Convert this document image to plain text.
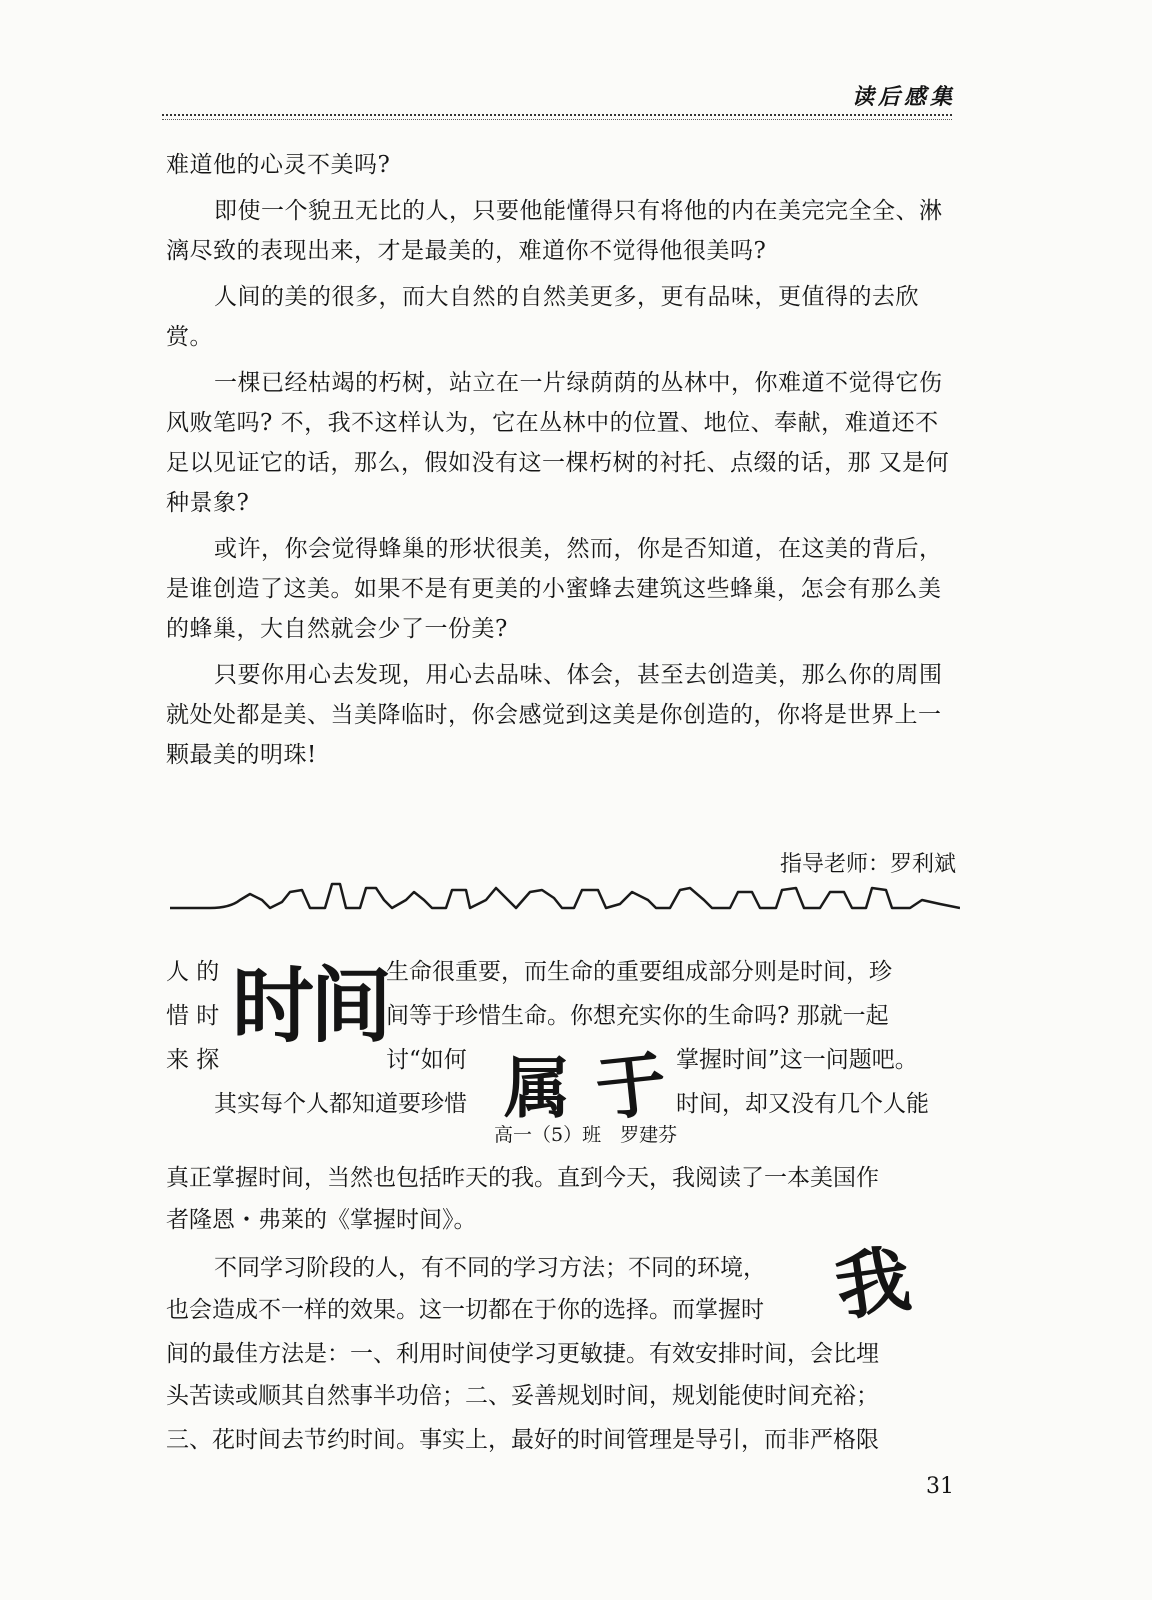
读后感集

难道他的心灵不美吗?

即使一个貌丑无比的人，只要他能懂得只有将他的内在美完完全全、淋漓尽致的表现出来，才是最美的，难道你不觉得他很美吗?

人间的美的很多，而大自然的自然美更多，更有品味，更值得的去欣赏。

一棵已经枯竭的朽树，站立在一片绿荫荫的丛林中，你难道不觉得它伤风败笔吗? 不，我不这样认为，它在丛林中的位置、地位、奉献，难道还不足以见证它的话，那么，假如没有这一棵朽树的衬托、点缀的话，那 又是何种景象?

或许，你会觉得蜂巢的形状很美，然而，你是否知道，在这美的背后，是谁创造了这美。如果不是有更美的小蜜蜂去建筑这些蜂巢，怎会有那么美的蜂巢，大自然就会少了一份美?

只要你用心去发现，用心去品味、体会，甚至去创造美，那么你的周围就处处都是美、当美降临时，你会感觉到这美是你创造的，你将是世界上一颗最美的明珠!

指导老师：罗利斌
时间
属 于
我
高一（5）班　罗建芬
人 的	生命很重要，而生命的重要组成部分则是时间，珍
惜 时	间等于珍惜生命。你想充实你的生命吗? 那就一起
来 探	讨“如何	掌握时间”这一问题吧。
其实每个人都知道要珍惜	时间，却又没有几个人能
真正掌握时间，当然也包括昨天的我。直到今天，我阅读了一本美国作
者隆恩・弗莱的《掌握时间》。
不同学习阶段的人，有不同的学习方法；不同的环境，
也会造成不一样的效果。这一切都在于你的选择。而掌握时
间的最佳方法是：一、利用时间使学习更敏捷。有效安排时间，会比埋
头苦读或顺其自然事半功倍；二、妥善规划时间，规划能使时间充裕；
三、花时间去节约时间。事实上，最好的时间管理是导引，而非严格限
31
